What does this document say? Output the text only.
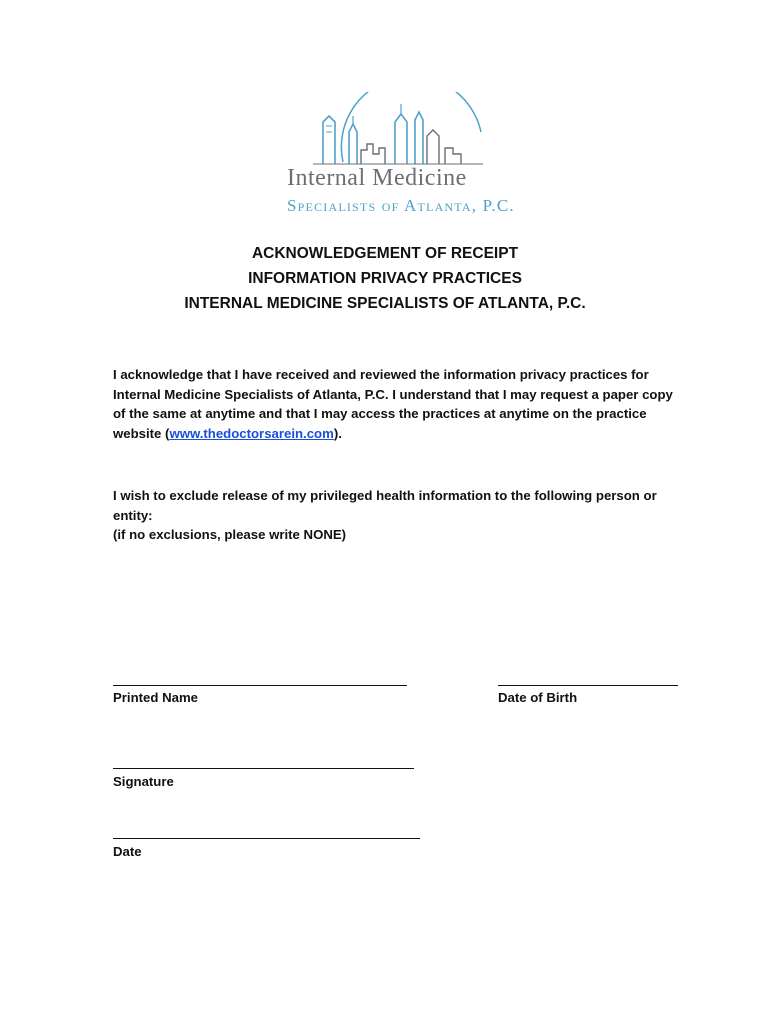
Internal Medicine
Specialists of Atlanta, P.C.
ACKNOWLEDGEMENT OF RECEIPT
INFORMATION PRIVACY PRACTICES
INTERNAL MEDICINE SPECIALISTS OF ATLANTA, P.C.
I acknowledge that I have received and reviewed the information privacy practices for Internal Medicine Specialists of Atlanta, P.C. I understand that I may request a paper copy of the same at anytime and that I may access the practices at anytime on the practice website (www.thedoctorsarein.com).
I wish to exclude release of my privileged health information to the following person or entity:
(if no exclusions, please write NONE)
Printed Name	Date of Birth
Signature
Date
